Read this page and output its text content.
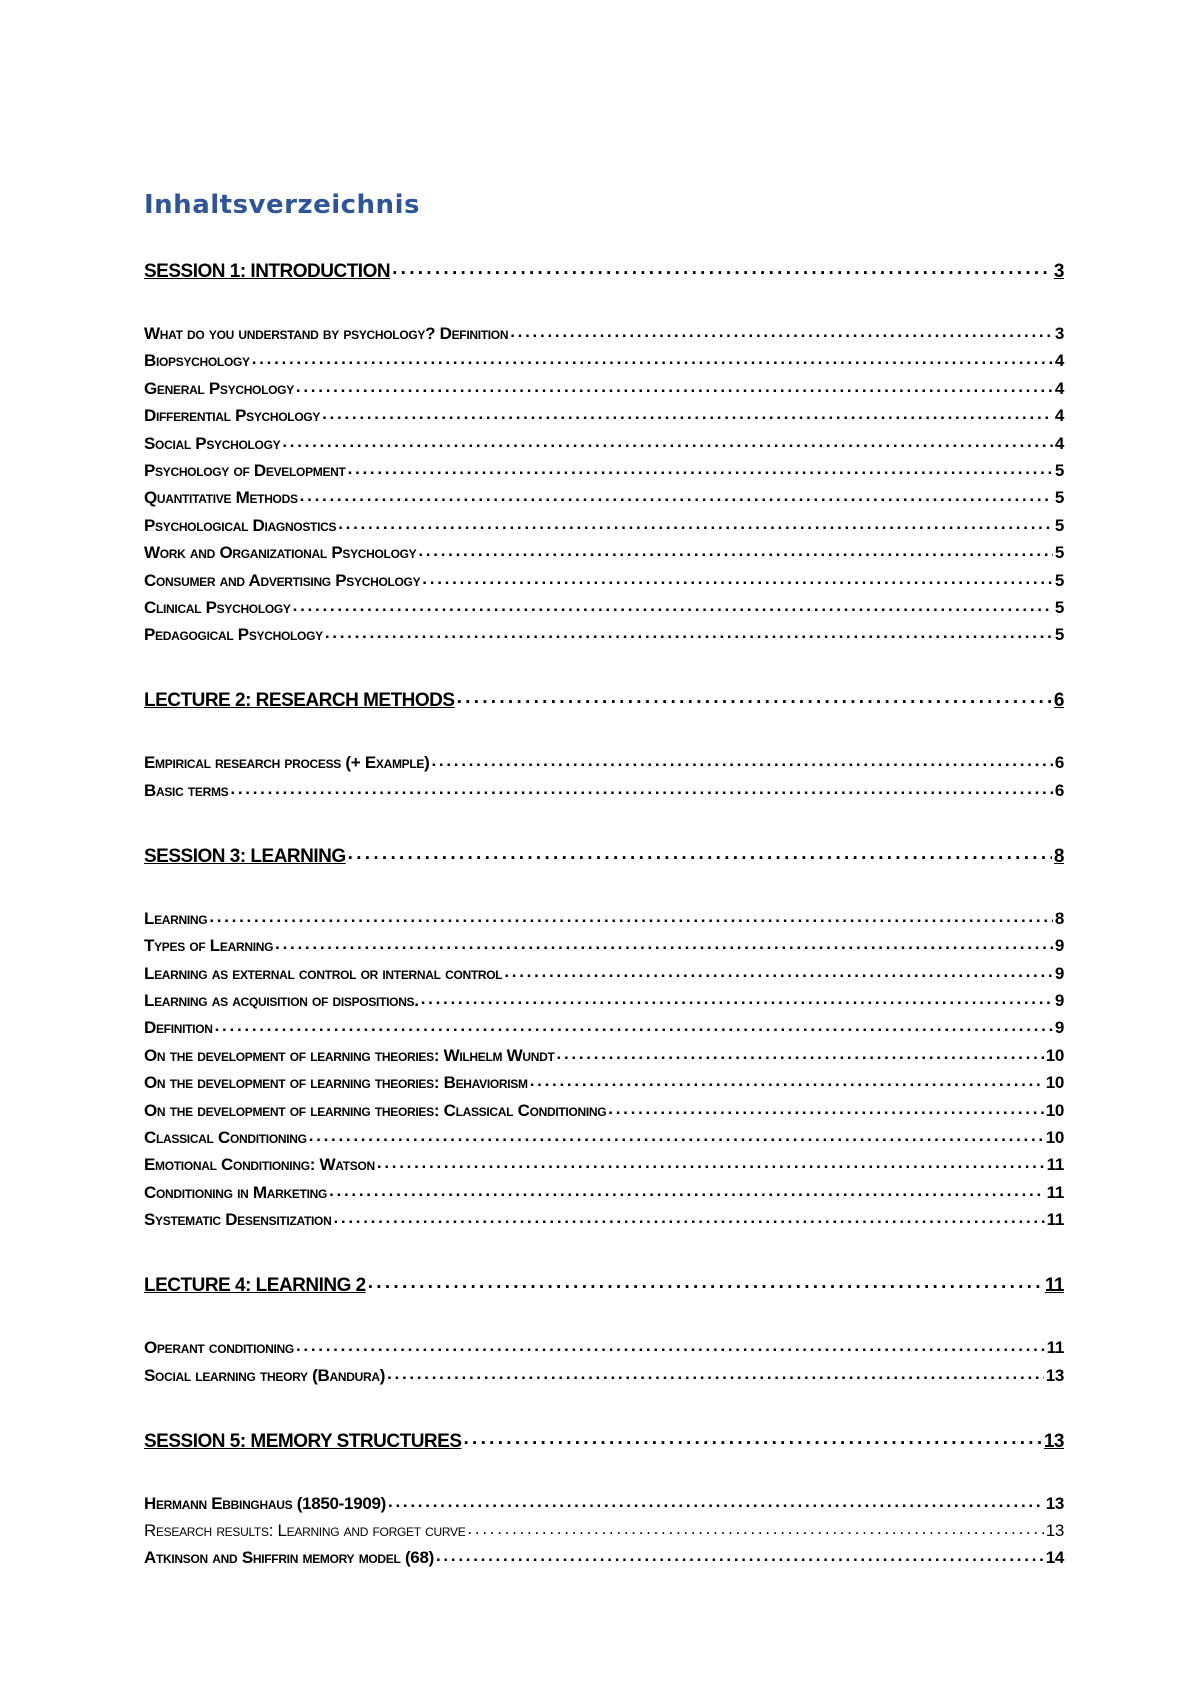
Inhaltsverzeichnis
SESSION 1: INTRODUCTION . . .	3
What do you understand by psychology? Definition . . .	3
Biopsychology . . .	4
General Psychology . . .	4
Differential Psychology . . .	4
Social Psychology . . .	4
Psychology of Development . . .	5
Quantitative Methods . . .	5
Psychological Diagnostics . . .	5
Work and Organizational Psychology . . .	5
Consumer and Advertising Psychology . . .	5
Clinical Psychology . . .	5
Pedagogical Psychology . . .	5
LECTURE 2: RESEARCH METHODS . . .	6
Empirical research process (+ Example) . . .	6
Basic terms . . .	6
SESSION 3: LEARNING . . .	8
Learning . . .	8
Types of Learning . . .	9
Learning as external control or internal control . . .	9
Learning as acquisition of dispositions. . . .	9
Definition . . .	9
On the development of learning theories: Wilhelm Wundt . . .	10
On the development of learning theories: Behaviorism . . .	10
On the development of learning theories: Classical Conditioning . . .	10
Classical Conditioning . . .	10
Emotional Conditioning: Watson . . .	11
Conditioning in Marketing . . .	11
Systematic Desensitization . . .	11
LECTURE 4: LEARNING 2 . . .	11
Operant conditioning . . .	11
Social learning theory (Bandura) . . .	13
SESSION 5: MEMORY STRUCTURES . . .	13
Hermann Ebbinghaus (1850-1909) . . .	13
Research results: Learning and forget curve . . .	13
Atkinson and Shiffrin memory model (68) . . .	14
